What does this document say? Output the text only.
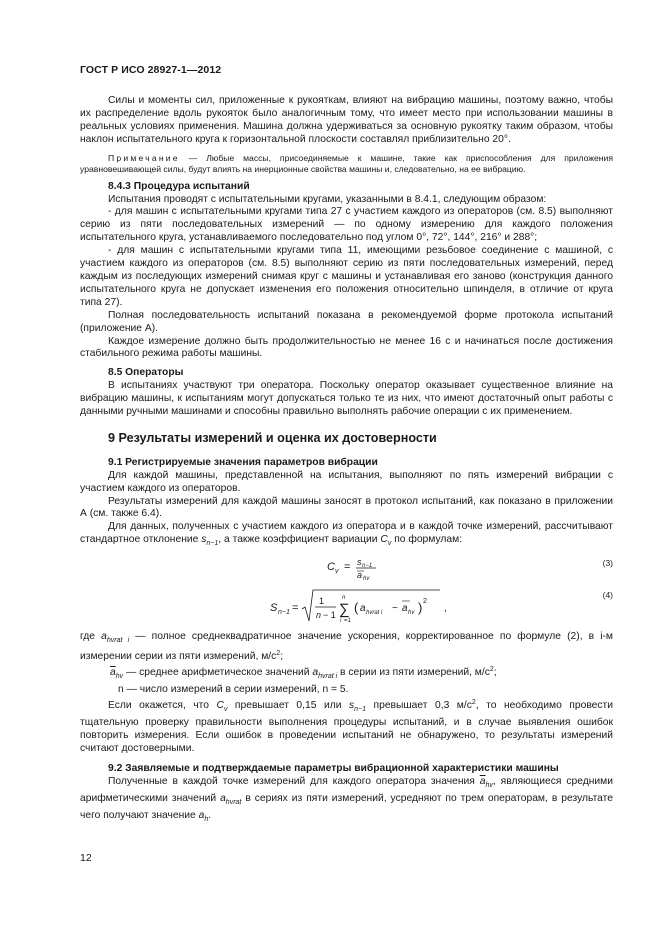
ГОСТ Р ИСО 28927-1—2012

Силы и моменты сил, приложенные к рукояткам, влияют на вибрацию машины, поэтому важно, чтобы их распределение вдоль рукояток было аналогичным тому, что имеет место при использовании машины в реальных условиях применения. Машина должна удерживаться за основную рукоятку таким образом, чтобы наклон испытательного круга к горизонтальной плоскости составлял приблизительно 20°.

Примечание — Любые массы, присоединяемые к машине, такие как приспособления для приложения уравновешивающей силы, будут влиять на инерционные свойства машины и, следовательно, на ее вибрацию.

8.4.3 Процедура испытаний

Испытания проводят с испытательными кругами, указанными в 8.4.1, следующим образом:

- для машин с испытательными кругами типа 27 с участием каждого из операторов (см. 8.5) выполняют серию из пяти последовательных измерений — по одному измерению для каждого положения испытательного круга, устанавливаемого последовательно под углом 0°, 72°, 144°, 216° и 288°;

- для машин с испытательными кругами типа 11, имеющими резьбовое соединение с машиной, с участием каждого из операторов (см. 8.5) выполняют серию из пяти последовательных измерений, перед каждым из последующих измерений снимая круг с машины и устанавливая его заново (конструкция данного испытательного круга не допускает изменения его положения относительно шпинделя, в отличие от круга типа 27).

Полная последовательность испытаний показана в рекомендуемой форме протокола испытаний (приложение А).

Каждое измерение должно быть продолжительностью не менее 16 с и начинаться после достижения стабильного режима работы машины.

8.5 Операторы

В испытаниях участвуют три оператора. Поскольку оператор оказывает существенное влияние на вибрацию машины, к испытаниям могут допускаться только те из них, что имеют достаточный опыт работы с данными ручными машинами и способны правильно выполнять рабочие операции с их применением.

9 Результаты измерений и оценка их достоверности

9.1 Регистрируемые значения параметров вибрации

Для каждой машины, представленной на испытания, выполняют по пять измерений вибрации с участием каждого из операторов.

Результаты измерений для каждой машины заносят в протокол испытаний, как показано в приложении А (см. также 6.4).

Для данных, полученных с участием каждого из оператора и в каждой точке измерений, рассчитывают стандартное отклонение $s_{n-1}$, а также коэффициент вариации $C_v$ по формулам:

C v = s n−1
a hv
(3)
S n−1 =
1
n − 1
n
∑
i =1
( a hvrat i − a hv ) 2
,
(4)

где $a_{hvrat i}$ — полное среднеквадратичное значение ускорения, корректированное по формуле (2), в i-м измерении серии из пяти измерений, $м/с^2$;

$\overline{a}_{hv}$ — среднее арифметическое значений $a_{hvrat i}$ в серии из пяти измерений, $м/с^2$;

n — число измерений в серии измерений, n = 5.

Если окажется, что $C_v$ превышает 0,15 или $s_{n-1}$ превышает 0,3 $м/с^2$, то необходимо провести тщательную проверку правильности выполнения процедуры испытаний, и в случае выявления ошибок повторить измерения. Если ошибок в проведении испытаний не обнаружено, то результаты измерений считают достоверными.

9.2 Заявляемые и подтверждаемые параметры вибрационной характеристики машины

Полученные в каждой точке измерений для каждого оператора значения $\overline{a}_{hv}$, являющиеся средними арифметическими значений $a_{hvrat}$ в сериях из пяти измерений, усредняют по трем операторам, в результате чего получают значение $a_h$.

12
